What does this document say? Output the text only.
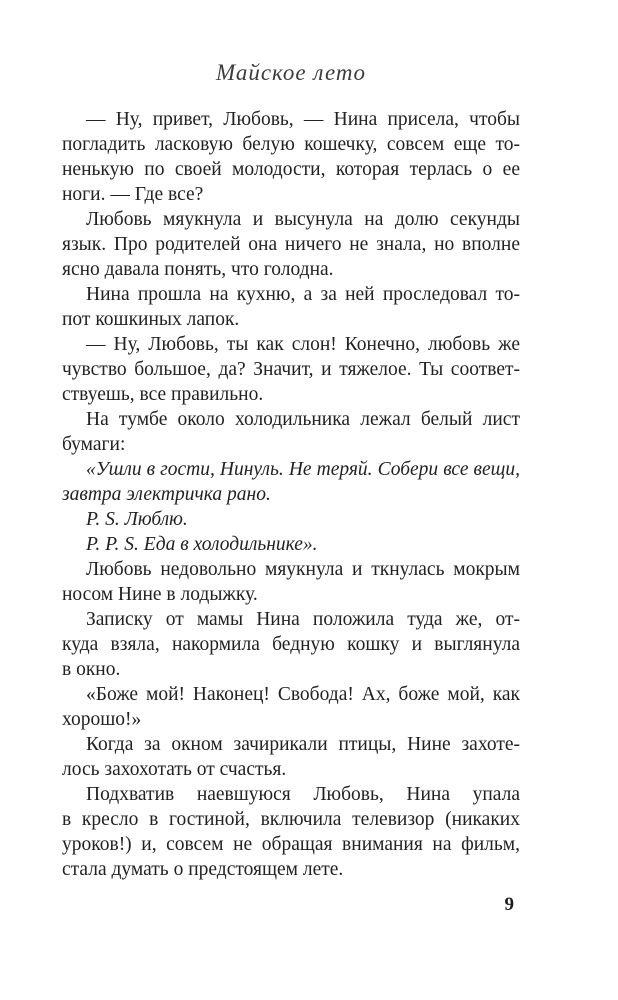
Майское лето
— Ну, привет, Любовь, — Нина присела, чтобы
погладить ласковую белую кошечку, совсем еще то-
ненькую по своей молодости, которая терлась о ее
ноги. — Где все?
Любовь мяукнула и высунула на долю секунды
язык. Про родителей она ничего не знала, но вполне
ясно давала понять, что голодна.
Нина прошла на кухню, а за ней проследовал то-
пот кошкиных лапок.
— Ну, Любовь, ты как слон! Конечно, любовь же
чувство большое, да? Значит, и тяжелое. Ты соответ-
ствуешь, все правильно.
На тумбе около холодильника лежал белый лист
бумаги:
«Ушли в гости, Нинуль. Не теряй. Собери все вещи,
завтра электричка рано.
P. S. Люблю.
P. P. S. Еда в холодильнике».
Любовь недовольно мяукнула и ткнулась мокрым
носом Нине в лодыжку.
Записку от мамы Нина положила туда же, от-
куда взяла, накормила бедную кошку и выглянула
в окно.
«Боже мой! Наконец! Свобода! Ах, боже мой, как
хорошо!»
Когда за окном зачирикали птицы, Нине захоте-
лось захохотать от счастья.
Подхватив наевшуюся Любовь, Нина упала
в кресло в гостиной, включила телевизор (никаких
уроков!) и, совсем не обращая внимания на фильм,
стала думать о предстоящем лете.
9
